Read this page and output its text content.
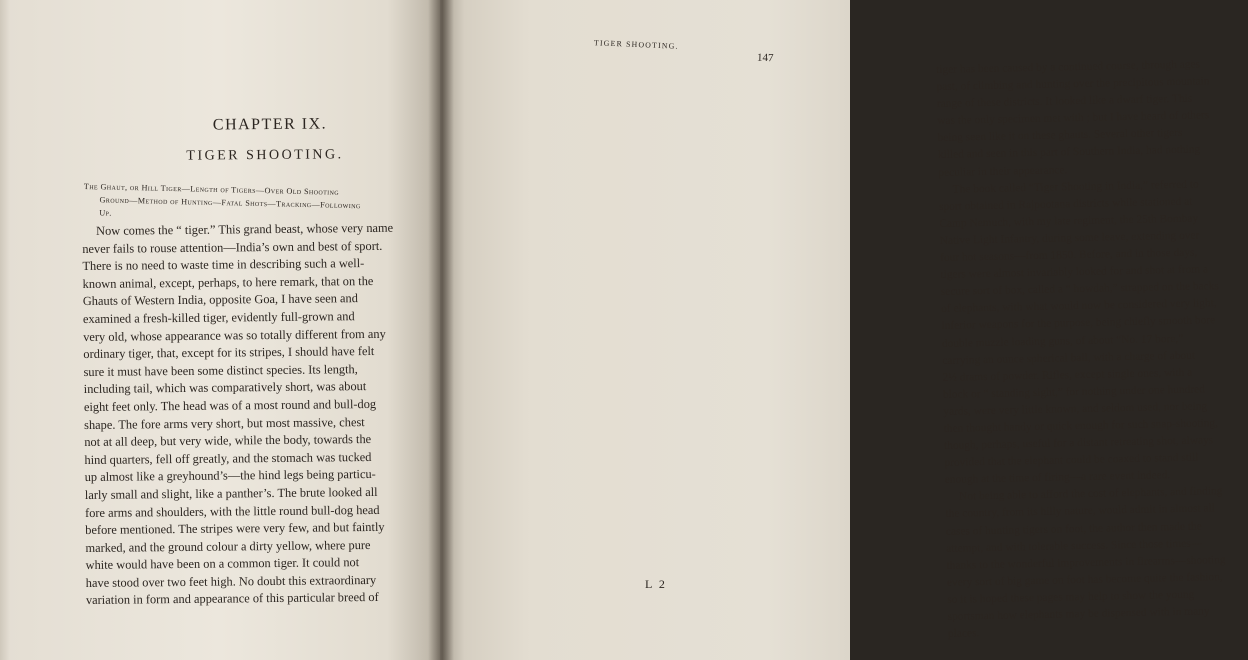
CHAPTER IX.
TIGER SHOOTING.
The Ghaut, or Hill Tiger—Length of Tigers—Over Old Shooting
Ground—Method of Hunting—Fatal Shots—Tracking—Following
Up.
Now comes the “ tiger.” This grand beast, whose very name
never fails to rouse attention—India’s own and best of sport.
There is no need to waste time in describing such a well-
known animal, except, perhaps, to here remark, that on the
Ghauts of Western India, opposite Goa, I have seen and
examined a fresh-killed tiger, evidently full-grown and
very old, whose appearance was so totally different from any
ordinary tiger, that, except for its stripes, I should have felt
sure it must have been some distinct species. Its length,
including tail, which was comparatively short, was about
eight feet only. The head was of a most round and bull-dog
shape. The fore arms very short, but most massive, chest
not at all deep, but very wide, while the body, towards the
hind quarters, fell off greatly, and the stomach was tucked
up almost like a greyhound’s—the hind legs being particu-
larly small and slight, like a panther’s. The brute looked all
fore arms and shoulders, with the little round bull-dog head
before mentioned. The stripes were very few, and but faintly
marked, and the ground colour a dirty yellow, where pure
white would have been on a common tiger. It could not
have stood over two feet high. No doubt this extraordinary
variation in form and appearance of this particular breed of
tiger has been caused by a continued course, through ages
past, of climbing and hunting over the precipitous mountain
range of these districts. It looked like a dwarf tiger. This
was the only specimen met with ; but I have heard of others
being seen like it on these ghauts. Several other tigers
killed and seen in this part of Southern India, had nothing
peculiar in their appearance.
The book called “Tiger Shooting in India,” referred to
sport obtained in Rajpootana districts while stationed at
Camp Nemuch, with my late regiment, the 25th Bombay
Native Light Infantry, during some leave, extending over
four hot seasons—from 1850. Before, and in those days,
tigers were almost invariably looked for and shot at from a
secure sort of box, called a “ howdah,” strapped on the backs
of elephants, with what would now be considered very light,
inferior weapons for the purpose, being chiefly smooth bore
double muzzle loading guns, of about “No. 17 bore,”
carrying an ounce spherical ball, with a charge of about
2½ drams of powder. Rifles, except single ones, with a
block or “ standing sight,” for nothing under one hundred
yards, were very little known, and seldom used, nor being
then thought handy or quick enough for such snap-shooting,
though, perhaps, useful for a distant retreating shot, always
provided that the elephant could be coaxed to stand still
enough at the time of firing—a rare event indeed.
Not being able to afford the cost of elephants, and finding
the country, from its hilly nature, would admit in almost all
cases of hunting tigers on foot, the author then made the
attempt, and with tolerable success. Since those times—
thanks to the wonderful improvements in firearms—shooting
every sort of big game on foot has become quite the fashion,
so it is hoped these pages may help to show the young
sportsman how elephants may be dispensed with in many
places.
TIGER SHOOTING.
147
L 2
